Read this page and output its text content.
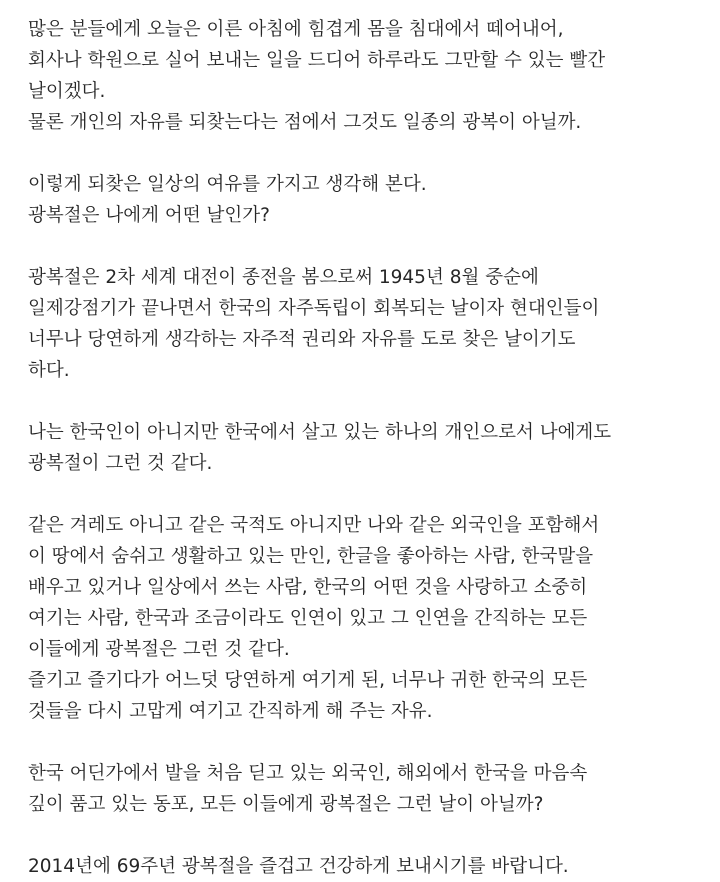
많은 분들에게 오늘은 이른 아침에 힘겹게 몸을 침대에서 떼어내어,
회사나 학원으로 실어 보내는 일을 드디어 하루라도 그만할 수 있는 빨간
날이겠다.
물론 개인의 자유를 되찾는다는 점에서 그것도 일종의 광복이 아닐까.
이렇게 되찾은 일상의 여유를 가지고 생각해 본다.
광복절은 나에게 어떤 날인가?
광복절은 2차 세계 대전이 종전을 봄으로써 1945년 8월 중순에
일제강점기가 끝나면서 한국의 자주독립이 회복되는 날이자 현대인들이
너무나 당연하게 생각하는 자주적 권리와 자유를 도로 찾은 날이기도
하다.
나는 한국인이 아니지만 한국에서 살고 있는 하나의 개인으로서 나에게도
광복절이 그런 것 같다.
같은 겨레도 아니고 같은 국적도 아니지만 나와 같은 외국인을 포함해서
이 땅에서 숨쉬고 생활하고 있는 만인, 한글을 좋아하는 사람, 한국말을
배우고 있거나 일상에서 쓰는 사람, 한국의 어떤 것을 사랑하고 소중히
여기는 사람, 한국과 조금이라도 인연이 있고 그 인연을 간직하는 모든
이들에게 광복절은 그런 것 같다.
즐기고 즐기다가 어느덧 당연하게 여기게 된, 너무나 귀한 한국의 모든
것들을 다시 고맙게 여기고 간직하게 해 주는 자유.
한국 어딘가에서 발을 처음 딛고 있는 외국인, 해외에서 한국을 마음속
깊이 품고 있는 동포, 모든 이들에게 광복절은 그런 날이 아닐까?
2014년에 69주년 광복절을 즐겁고 건강하게 보내시기를 바랍니다.
